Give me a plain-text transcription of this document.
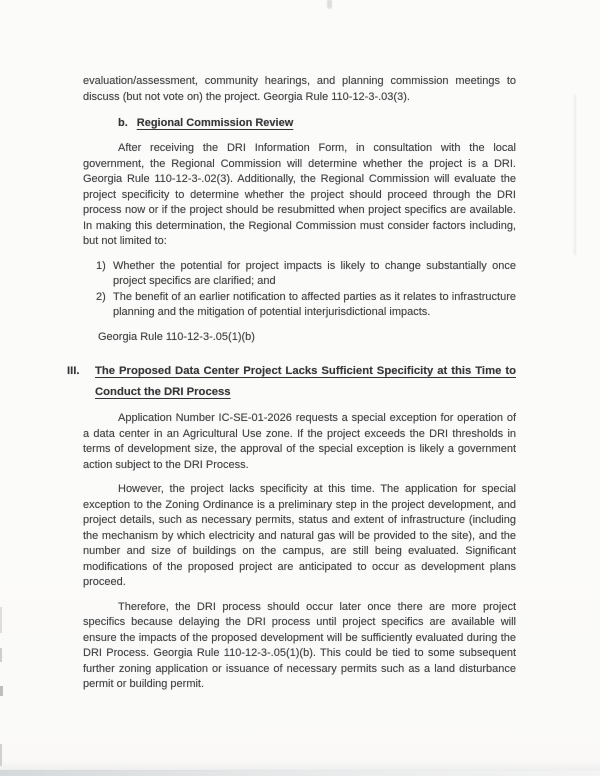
evaluation/assessment, community hearings, and planning commission meetings to discuss (but not vote on) the project. Georgia Rule 110-12-3-.03(3).

b. Regional Commission Review

After receiving the DRI Information Form, in consultation with the local government, the Regional Commission will determine whether the project is a DRI. Georgia Rule 110-12-3-.02(3). Additionally, the Regional Commission will evaluate the project specificity to determine whether the project should proceed through the DRI process now or if the project should be resubmitted when project specifics are available. In making this determination, the Regional Commission must consider factors including, but not limited to:

1) Whether the potential for project impacts is likely to change substantially once project specifics are clarified; and
2) The benefit of an earlier notification to affected parties as it relates to infrastructure planning and the mitigation of potential interjurisdictional impacts.

Georgia Rule 110-12-3-.05(1)(b)

III. The Proposed Data Center Project Lacks Sufficient Specificity at this Time to Conduct the DRI Process

Application Number IC-SE-01-2026 requests a special exception for operation of a data center in an Agricultural Use zone. If the project exceeds the DRI thresholds in terms of development size, the approval of the special exception is likely a government action subject to the DRI Process.

However, the project lacks specificity at this time. The application for special exception to the Zoning Ordinance is a preliminary step in the project development, and project details, such as necessary permits, status and extent of infrastructure (including the mechanism by which electricity and natural gas will be provided to the site), and the number and size of buildings on the campus, are still being evaluated. Significant modifications of the proposed project are anticipated to occur as development plans proceed.

Therefore, the DRI process should occur later once there are more project specifics because delaying the DRI process until project specifics are available will ensure the impacts of the proposed development will be sufficiently evaluated during the DRI Process. Georgia Rule 110-12-3-.05(1)(b). This could be tied to some subsequent further zoning application or issuance of necessary permits such as a land disturbance permit or building permit.
